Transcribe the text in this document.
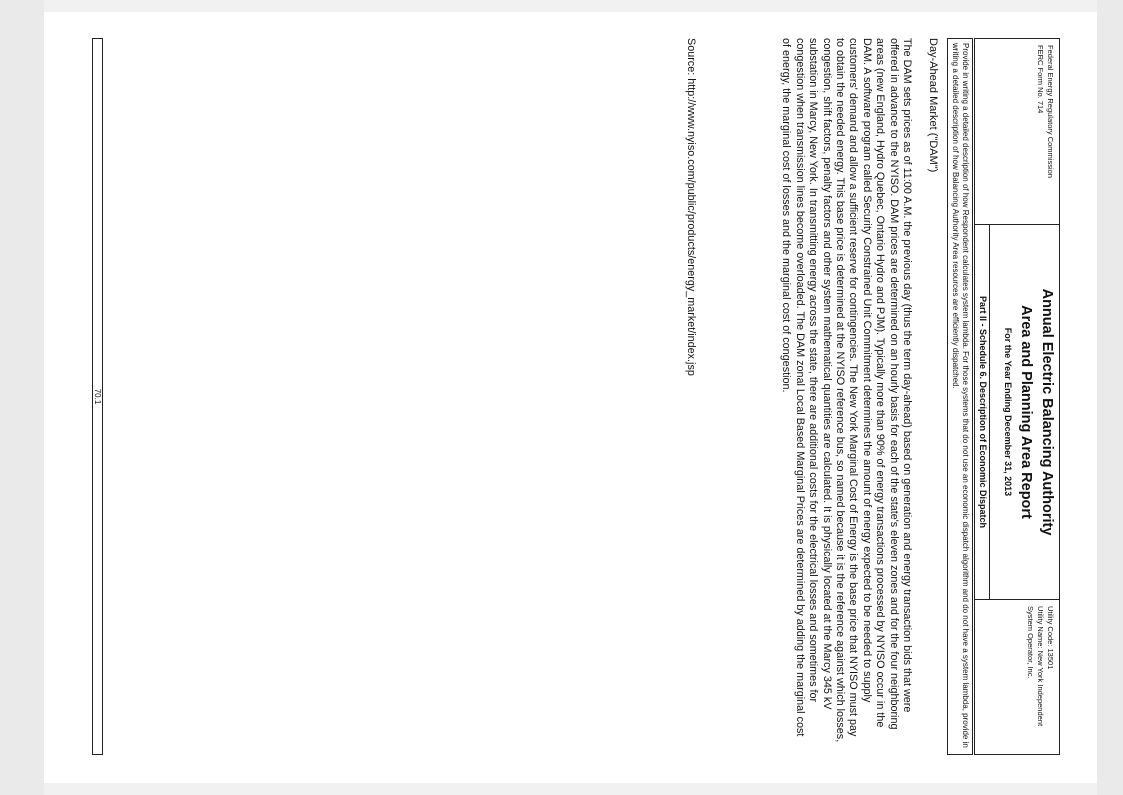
Federal Energy Regulatory Commission
FERC Form No. 714
Annual Electric Balancing Authority
Area and Planning Area Report
For the Year Ending December 31, 2013
Part II - Schedule 6. Description of Economic Dispatch
Utility Code: 13501
Utility Name: New York Independent System Operator, Inc.
Provide in writing a detailed description of how Respondent calculates system lambda. For those systems that do not use an economic dispatch algorithm and do not have a system lambda, provide in writing a detailed description of how Balancing Authority Area resources are efficiently dispatched.
Day-Ahead Market ("DAM")
The DAM sets prices as of 11:00 A.M. the previous day (thus the term day-ahead) based on generation and energy transaction bids that were offered in advance to the NYISO. DAM prices are determined on an hourly basis for each of the state's eleven zones and for the four neighboring areas (new England, Hydro Quebec, Ontario Hydro and PJM). Typically more than 90% of energy transactions processed by NYISO occur in the DAM. A software program called Security Constrained Unit Commitment determines the amount of energy expected to be needed to supply customers' demand and allow a sufficient reserve for contingencies. The New York Marginal Cost of Energy is the base price that NYISO must pay to obtain the needed energy. This base price is determined at the NYISO reference bus, so named because it is the reference against which losses, congestion, shift factors, penalty factors and other system mathematical quantities are calculated. It is physically located at the Marcy 345 kV substation in Marcy, New York. In transmitting energy across the state, there are additional costs for the electrical losses and sometimes for congestion when transmission lines become overloaded. The DAM zonal Local Based Marginal Prices are determined by adding the marginal cost of energy, the marginal cost of losses and the marginal cost of congestion.
Source: http://www.nyiso.com/public/products/energy_market/index.jsp
70.1
